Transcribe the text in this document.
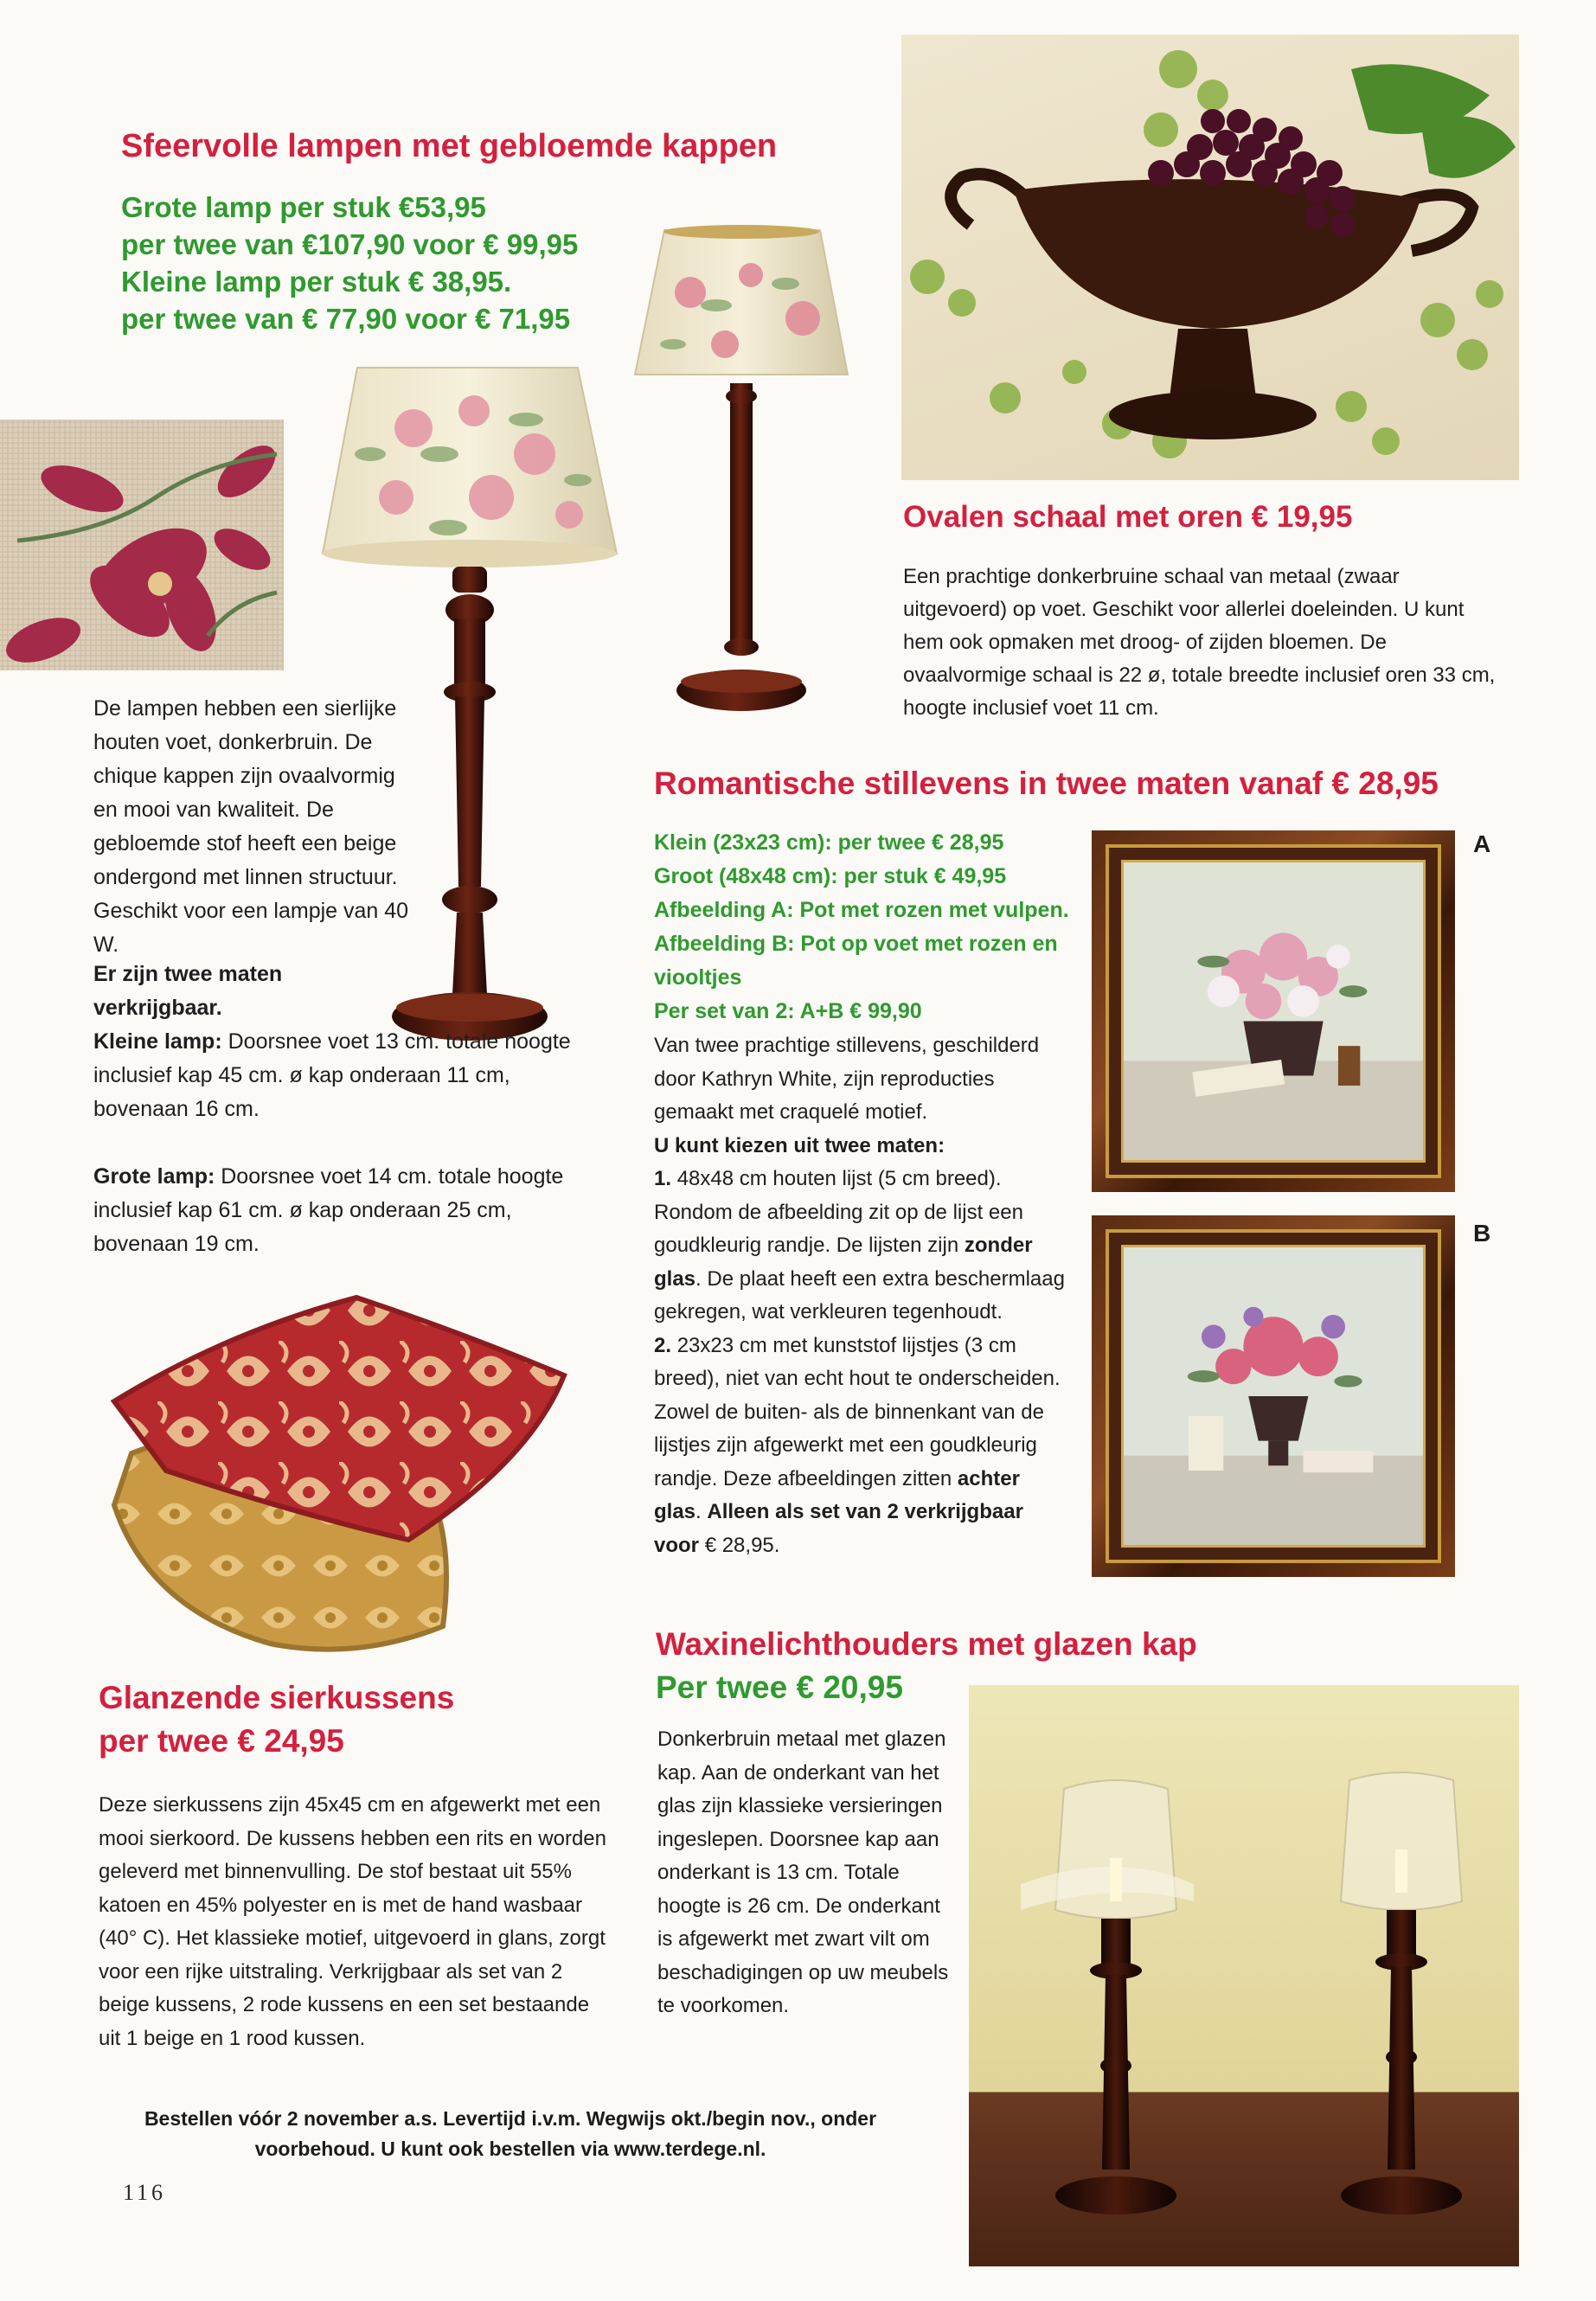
Sfeervolle lampen met gebloemde kappen
Grote lamp per stuk €53,95
per twee van €107,90 voor € 99,95
Kleine lamp per stuk € 38,95.
per twee van € 77,90 voor € 71,95
De lampen hebben een sierlijke houten voet, donkerbruin. De chique kappen zijn ovaalvormig en mooi van kwaliteit. De gebloemde stof heeft een beige ondergond met linnen structuur. Geschikt voor een lampje van 40 W.
Er zijn twee maten verkrijgbaar.
Kleine lamp: Doorsnee voet 13 cm. totale hoogte inclusief kap 45 cm. ø kap onderaan 11 cm, bovenaan 16 cm.
Grote lamp: Doorsnee voet 14 cm. totale hoogte inclusief kap 61 cm. ø kap onderaan 25 cm, bovenaan 19 cm.
Ovalen schaal met oren € 19,95
Een prachtige donkerbruine schaal van metaal (zwaar uitgevoerd) op voet. Geschikt voor allerlei doeleinden. U kunt hem ook opmaken met droog- of zijden bloemen. De ovaalvormige schaal is 22 ø, totale breedte inclusief oren 33 cm, hoogte inclusief voet 11 cm.
Romantische stillevens in twee maten vanaf € 28,95
Klein (23x23 cm): per twee € 28,95
Groot (48x48 cm): per stuk € 49,95
Afbeelding A: Pot met rozen met vulpen. Afbeelding B: Pot op voet met rozen en viooltjes
Per set van 2: A+B € 99,90
Van twee prachtige stillevens, geschilderd door Kathryn White, zijn reproducties gemaakt met craquelé motief.
U kunt kiezen uit twee maten:
1. 48x48 cm houten lijst (5 cm breed). Rondom de afbeelding zit op de lijst een goudkleurig randje. De lijsten zijn zonder glas. De plaat heeft een extra beschermlaag gekregen, wat verkleuren tegenhoudt.
2. 23x23 cm met kunststof lijstjes (3 cm breed), niet van echt hout te onderscheiden. Zowel de buiten- als de binnenkant van de lijstjes zijn afgewerkt met een goudkleurig randje. Deze afbeeldingen zitten achter glas. Alleen als set van 2 verkrijgbaar voor € 28,95.
A
B
Glanzende sierkussens
per twee € 24,95
Deze sierkussens zijn 45x45 cm en afgewerkt met een mooi sierkoord. De kussens hebben een rits en worden geleverd met binnenvulling. De stof bestaat uit 55% katoen en 45% polyester en is met de hand wasbaar (40° C). Het klassieke motief, uitgevoerd in glans, zorgt voor een rijke uitstraling. Verkrijgbaar als set van 2 beige kussens, 2 rode kussens en een set bestaande uit 1 beige en 1 rood kussen.
Waxinelichthouders met glazen kap
Per twee € 20,95
Donkerbruin metaal met glazen kap. Aan de onderkant van het glas zijn klassieke versieringen ingeslepen. Doorsnee kap aan onderkant is 13 cm. Totale hoogte is 26 cm. De onderkant is afgewerkt met zwart vilt om beschadigingen op uw meubels te voorkomen.
Bestellen vóór 2 november a.s. Levertijd i.v.m. Wegwijs okt./begin nov., onder
voorbehoud. U kunt ook bestellen via www.terdege.nl.
116
